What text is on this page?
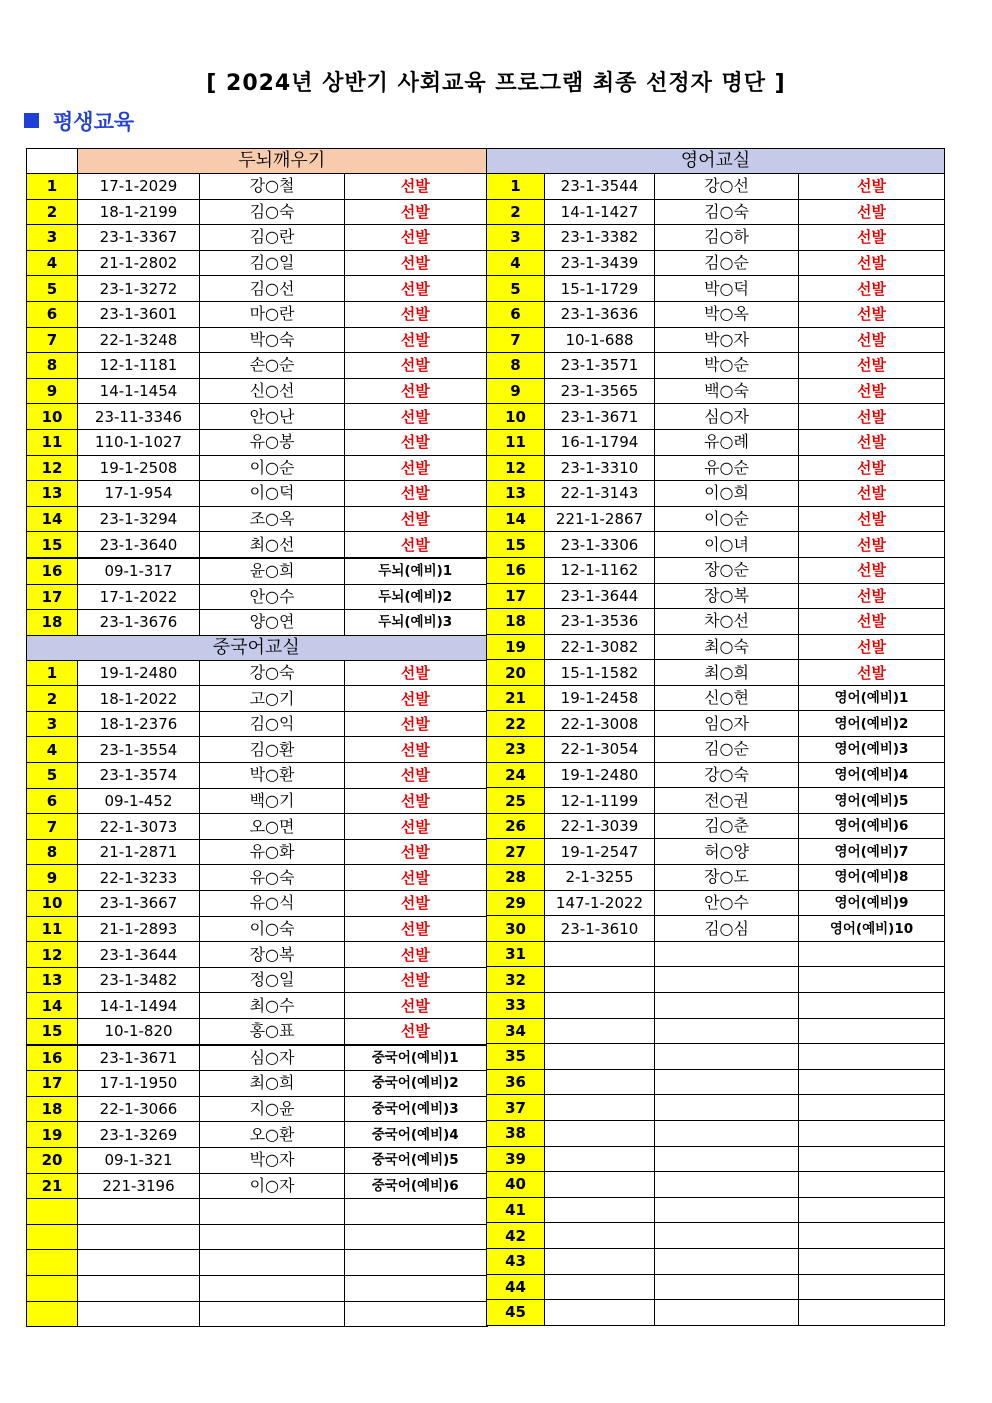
[ 2024년 상반기 사회교육 프로그램 최종 선정자 명단 ]
평생교육
	두뇌깨우기		
1	17-1-2029	강○철	선발
2	18-1-2199	김○숙	선발
3	23-1-3367	김○란	선발
4	21-1-2802	김○일	선발
5	23-1-3272	김○선	선발
6	23-1-3601	마○란	선발
7	22-1-3248	박○숙	선발
8	12-1-1181	손○순	선발
9	14-1-1454	신○선	선발
10	23-11-3346	안○난	선발
11	110-1-1027	유○봉	선발
12	19-1-2508	이○순	선발
13	17-1-954	이○덕	선발
14	23-1-3294	조○옥	선발
15	23-1-3640	최○선	선발
16	09-1-317	윤○희	두뇌(예비)1
17	17-1-2022	안○수	두뇌(예비)2
18	23-1-3676	양○연	두뇌(예비)3
중국어교실			
1	19-1-2480	강○숙	선발
2	18-1-2022	고○기	선발
3	18-1-2376	김○익	선발
4	23-1-3554	김○환	선발
5	23-1-3574	박○환	선발
6	09-1-452	백○기	선발
7	22-1-3073	오○면	선발
8	21-1-2871	유○화	선발
9	22-1-3233	유○숙	선발
10	23-1-3667	유○식	선발
11	21-1-2893	이○숙	선발
12	23-1-3644	장○복	선발
13	23-1-3482	정○일	선발
14	14-1-1494	최○수	선발
15	10-1-820	홍○표	선발
16	23-1-3671	심○자	중국어(예비)1
17	17-1-1950	최○희	중국어(예비)2
18	22-1-3066	지○윤	중국어(예비)3
19	23-1-3269	오○환	중국어(예비)4
20	09-1-321	박○자	중국어(예비)5
21	221-3196	이○자	중국어(예비)6

영어교실			
1	23-1-3544	강○선	선발
2	14-1-1427	김○숙	선발
3	23-1-3382	김○하	선발
4	23-1-3439	김○순	선발
5	15-1-1729	박○덕	선발
6	23-1-3636	박○옥	선발
7	10-1-688	박○자	선발
8	23-1-3571	박○순	선발
9	23-1-3565	백○숙	선발
10	23-1-3671	심○자	선발
11	16-1-1794	유○례	선발
12	23-1-3310	유○순	선발
13	22-1-3143	이○희	선발
14	221-1-2867	이○순	선발
15	23-1-3306	이○녀	선발
16	12-1-1162	장○순	선발
17	23-1-3644	장○복	선발
18	23-1-3536	차○선	선발
19	22-1-3082	최○숙	선발
20	15-1-1582	최○희	선발
21	19-1-2458	신○현	영어(예비)1
22	22-1-3008	임○자	영어(예비)2
23	22-1-3054	김○순	영어(예비)3
24	19-1-2480	강○숙	영어(예비)4
25	12-1-1199	전○권	영어(예비)5
26	22-1-3039	김○춘	영어(예비)6
27	19-1-2547	허○양	영어(예비)7
28	2-1-3255	장○도	영어(예비)8
29	147-1-2022	안○수	영어(예비)9
30	23-1-3610	김○심	영어(예비)10
31			
32			
33			
34			
35			
36			
37			
38			
39			
40			
41			
42			
43			
44			
45			
